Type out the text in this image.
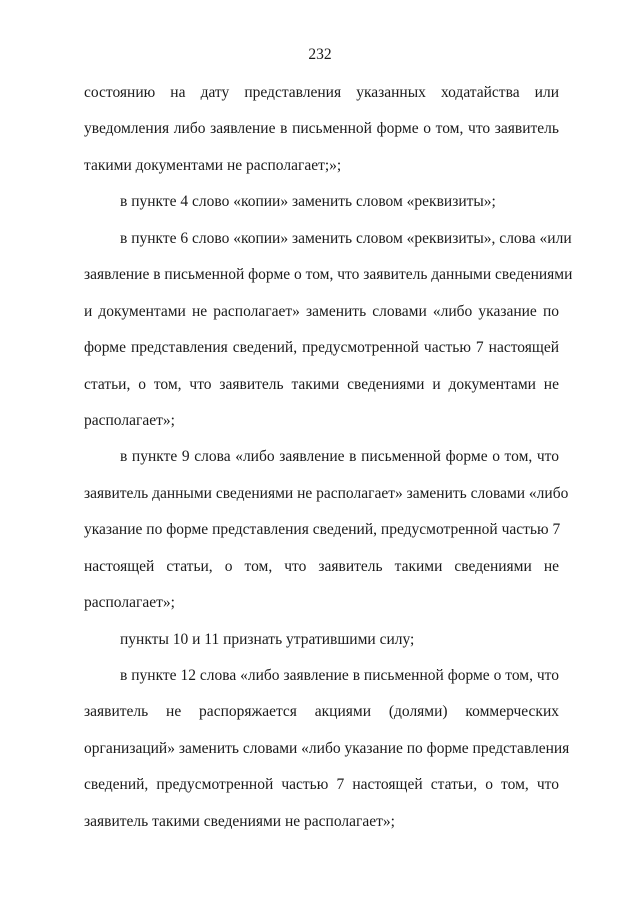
232
состоянию на дату представления указанных ходатайства или
уведомления либо заявление в письменной форме о том, что заявитель
такими документами не располагает;»;
в пункте 4 слово «копии» заменить словом «реквизиты»;
в пункте 6 слово «копии» заменить словом «реквизиты», слова «или
заявление в письменной форме о том, что заявитель данными сведениями
и документами не располагает» заменить словами «либо указание по
форме представления сведений, предусмотренной частью 7 настоящей
статьи, о том, что заявитель такими сведениями и документами не
располагает»;
в пункте 9 слова «либо заявление в письменной форме о том, что
заявитель данными сведениями не располагает» заменить словами «либо
указание по форме представления сведений, предусмотренной частью 7
настоящей статьи, о том, что заявитель такими сведениями не
располагает»;
пункты 10 и 11 признать утратившими силу;
в пункте 12 слова «либо заявление в письменной форме о том, что
заявитель не распоряжается акциями (долями) коммерческих
организаций» заменить словами «либо указание по форме представления
сведений, предусмотренной частью 7 настоящей статьи, о том, что
заявитель такими сведениями не располагает»;
